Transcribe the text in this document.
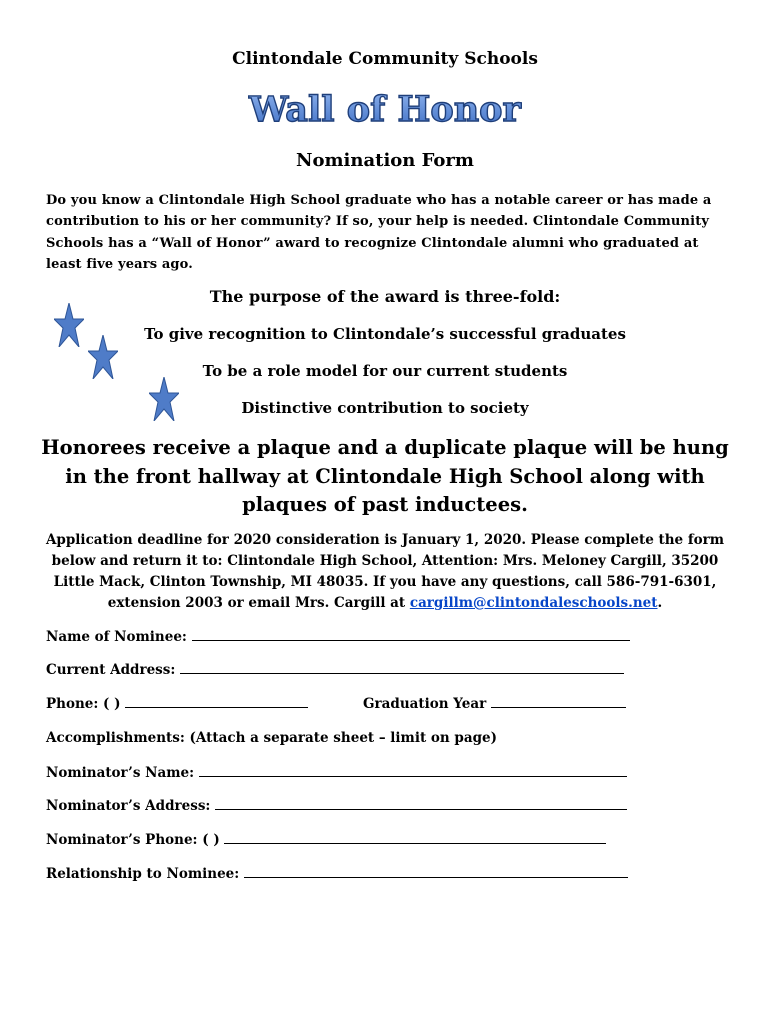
Clintondale Community Schools
Wall of Honor
Nomination Form
Do you know a Clintondale High School graduate who has a notable career or has made a contribution to his or her community? If so, your help is needed. Clintondale Community Schools has a “Wall of Honor” award to recognize Clintondale alumni who graduated at least five years ago.
The purpose of the award is three-fold:
To give recognition to Clintondale’s successful graduates
To be a role model for our current students
Distinctive contribution to society
Honorees receive a plaque and a duplicate plaque will be hung in the front hallway at Clintondale High School along with plaques of past inductees.
Application deadline for 2020 consideration is January 1, 2020. Please complete the form below and return it to: Clintondale High School, Attention: Mrs. Meloney Cargill, 35200 Little Mack, Clinton Township, MI 48035. If you have any questions, call 586-791-6301, extension 2003 or email Mrs. Cargill at cargillm@clintondaleschools.net.
Name of Nominee:
Current Address:
Phone: ( )	Graduation Year
Accomplishments: (Attach a separate sheet – limit on page)
Nominator’s Name:
Nominator’s Address:
Nominator’s Phone: ( )
Relationship to Nominee:
